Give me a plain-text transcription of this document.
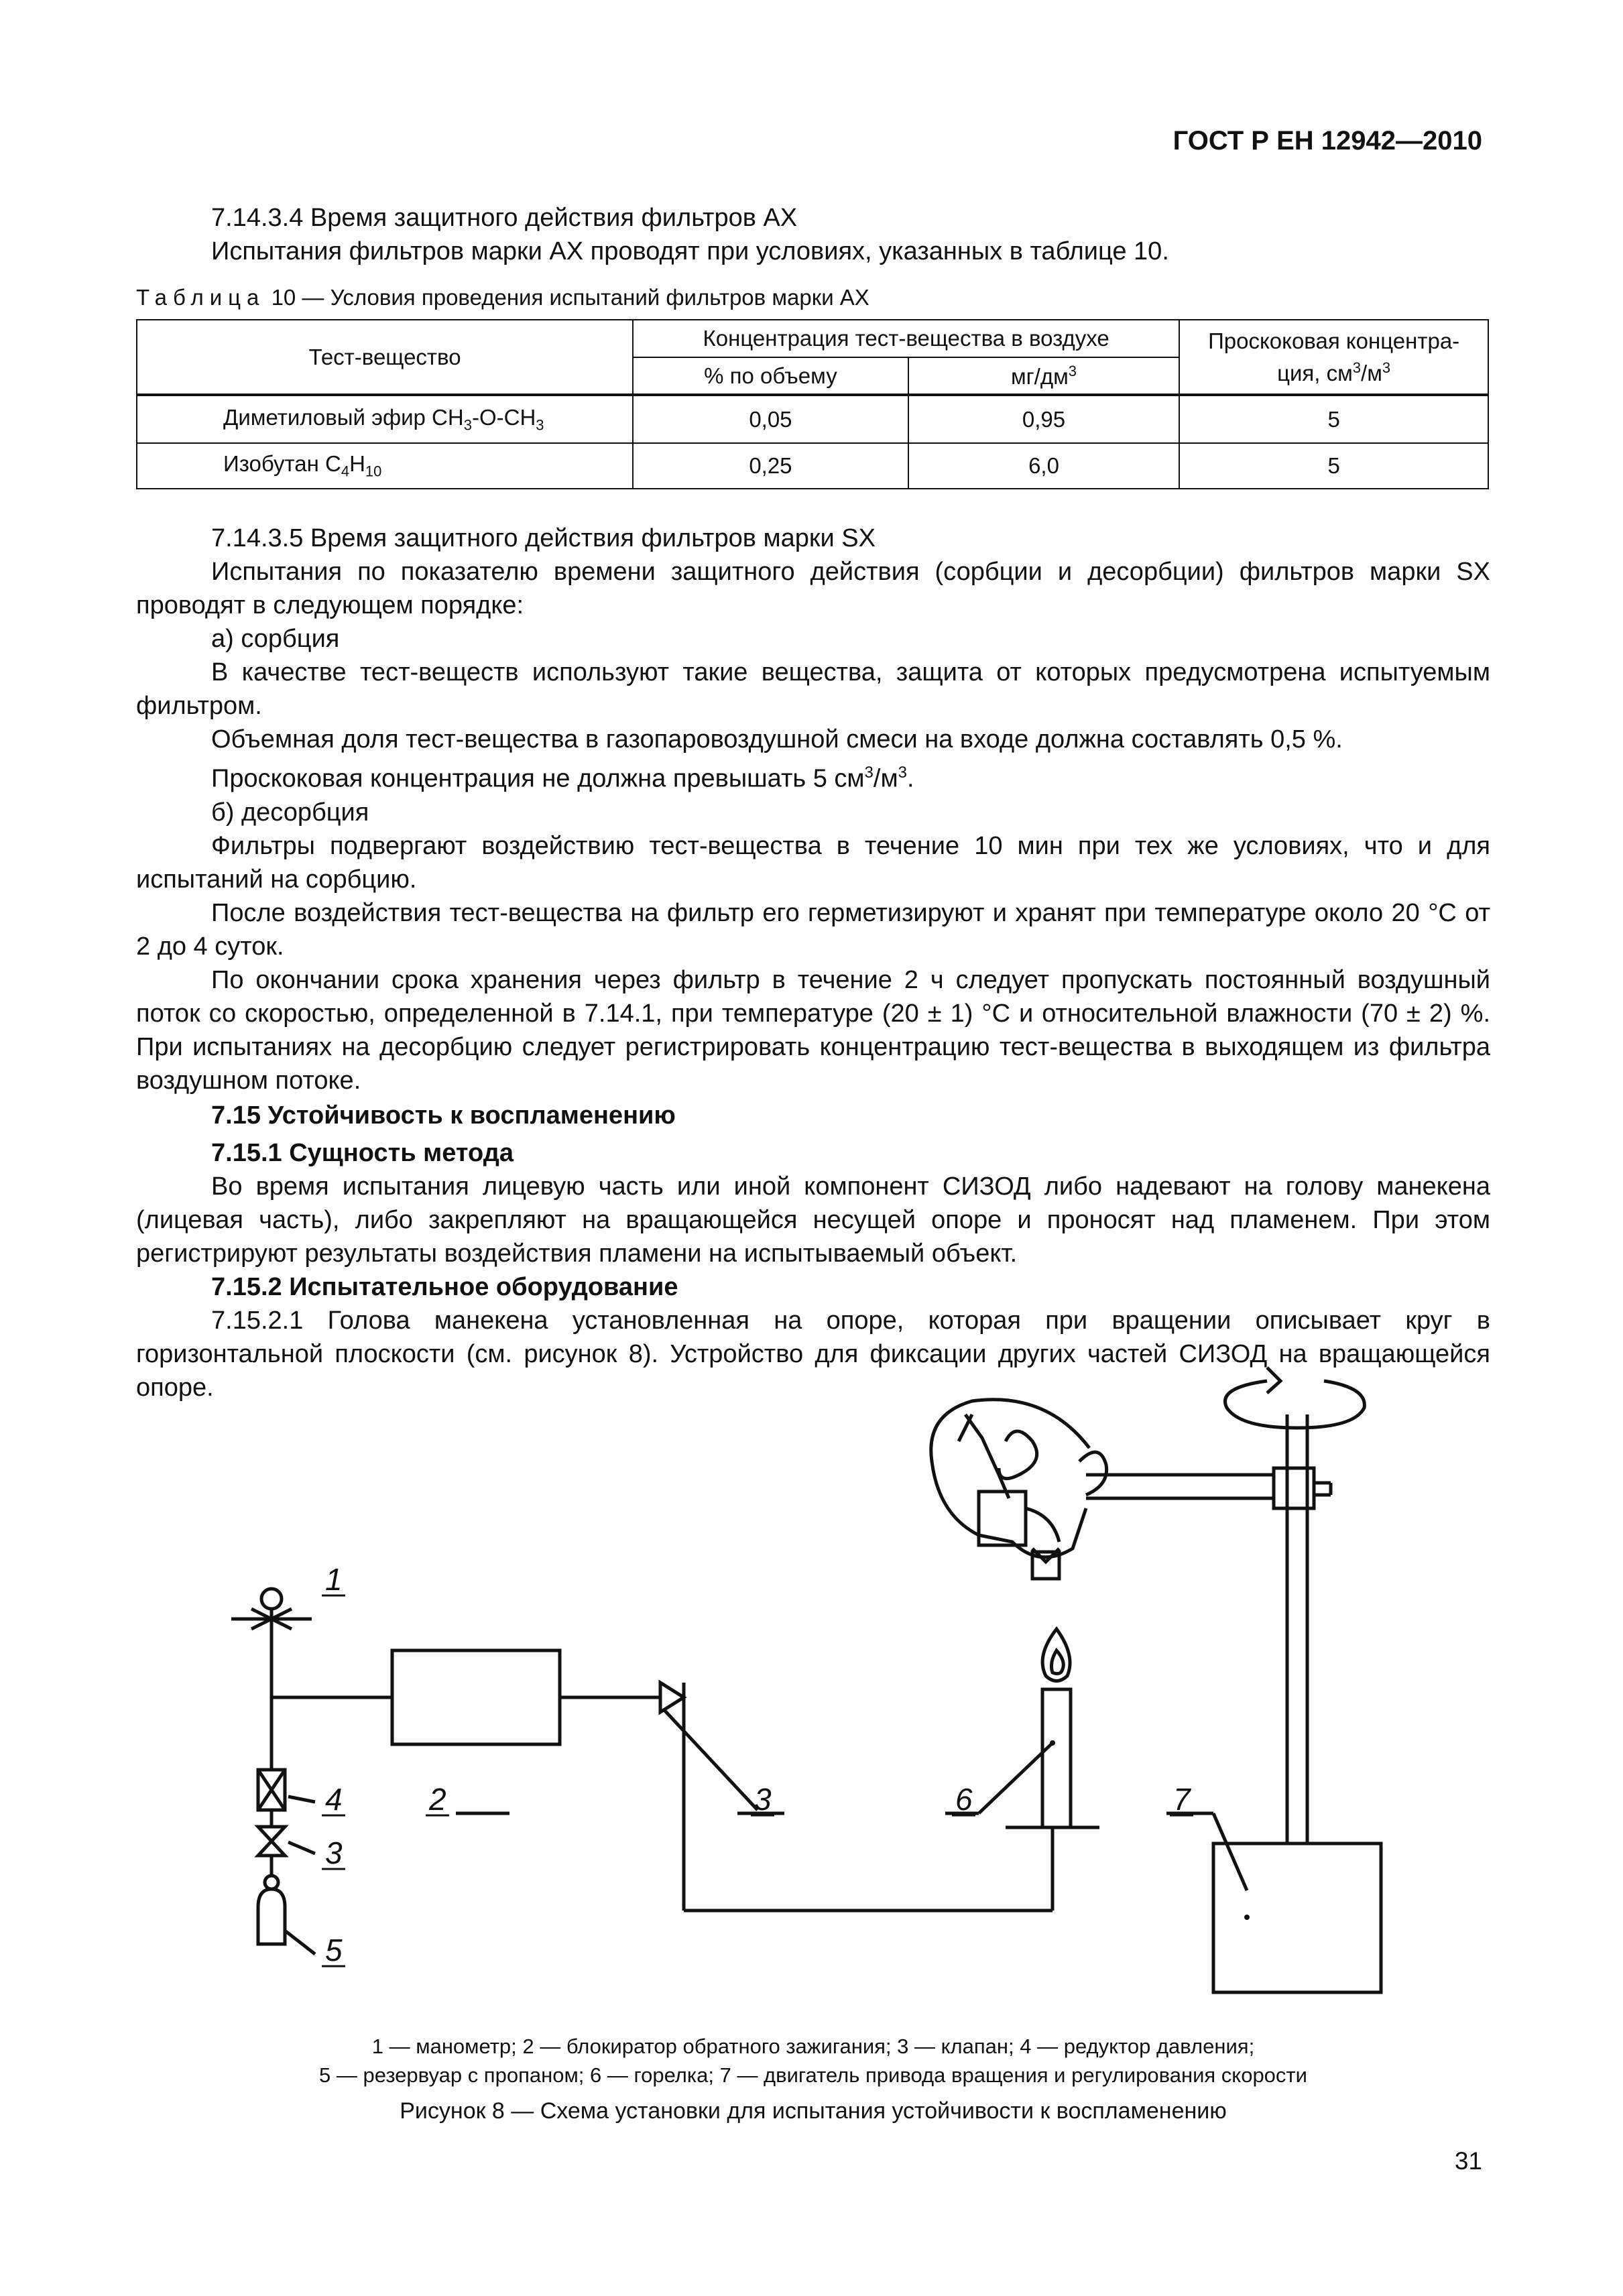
ГОСТ Р ЕН 12942—2010
7.14.3.4 Время защитного действия фильтров АХ
Испытания фильтров марки АХ проводят при условиях, указанных в таблице 10.
Таблица 10 — Условия проведения испытаний фильтров марки АХ
Тест-вещество	Концентрация тест-вещества в воздухе		Проскоковая концентра-
ция, $см^3/м^3$
	% по объему	$мг/дм^3$
Диметиловый эфир $CH_3-O-CH_3$	0,05	0,95	5
Изобутан $C_4H_{10}$	0,25	6,0	5
7.14.3.5 Время защитного действия фильтров марки SX
Испытания по показателю времени защитного действия (сорбции и десорбции) фильтров марки SX проводят в следующем порядке:
а) сорбция
В качестве тест-веществ используют такие вещества, защита от которых предусмотрена испытуемым фильтром.
Объемная доля тест-вещества в газопаровоздушной смеси на входе должна составлять 0,5 %.
Проскоковая концентрация не должна превышать 5 $см^3/м^3$.
б) десорбция
Фильтры подвергают воздействию тест-вещества в течение 10 мин при тех же условиях, что и для испытаний на сорбцию.
После воздействия тест-вещества на фильтр его герметизируют и хранят при температуре около 20 °С от 2 до 4 суток.
По окончании срока хранения через фильтр в течение 2 ч следует пропускать постоянный воздушный поток со скоростью, определенной в 7.14.1, при температуре (20 ± 1) °С и относительной влажности (70 ± 2) %. При испытаниях на десорбцию следует регистрировать концентрацию тест-вещества в выходящем из фильтра воздушном потоке.
7.15 Устойчивость к воспламенению
7.15.1 Сущность метода
Во время испытания лицевую часть или иной компонент СИЗОД либо надевают на голову манекена (лицевая часть), либо закрепляют на вращающейся несущей опоре и проносят над пламенем. При этом регистрируют результаты воздействия пламени на испытываемый объект.
7.15.2 Испытательное оборудование
7.15.2.1 Голова манекена установленная на опоре, которая при вращении описывает круг в горизонтальной плоскости (см. рисунок 8). Устройство для фиксации других частей СИЗОД на вращающейся опоре.
1
2	3
3
4
5
6	7
1 — манометр; 2 — блокиратор обратного зажигания; 3 — клапан; 4 — редуктор давления;
5 — резервуар с пропаном; 6 — горелка; 7 — двигатель привода вращения и регулирования скорости
Рисунок 8 — Схема установки для испытания устойчивости к воспламенению
31
